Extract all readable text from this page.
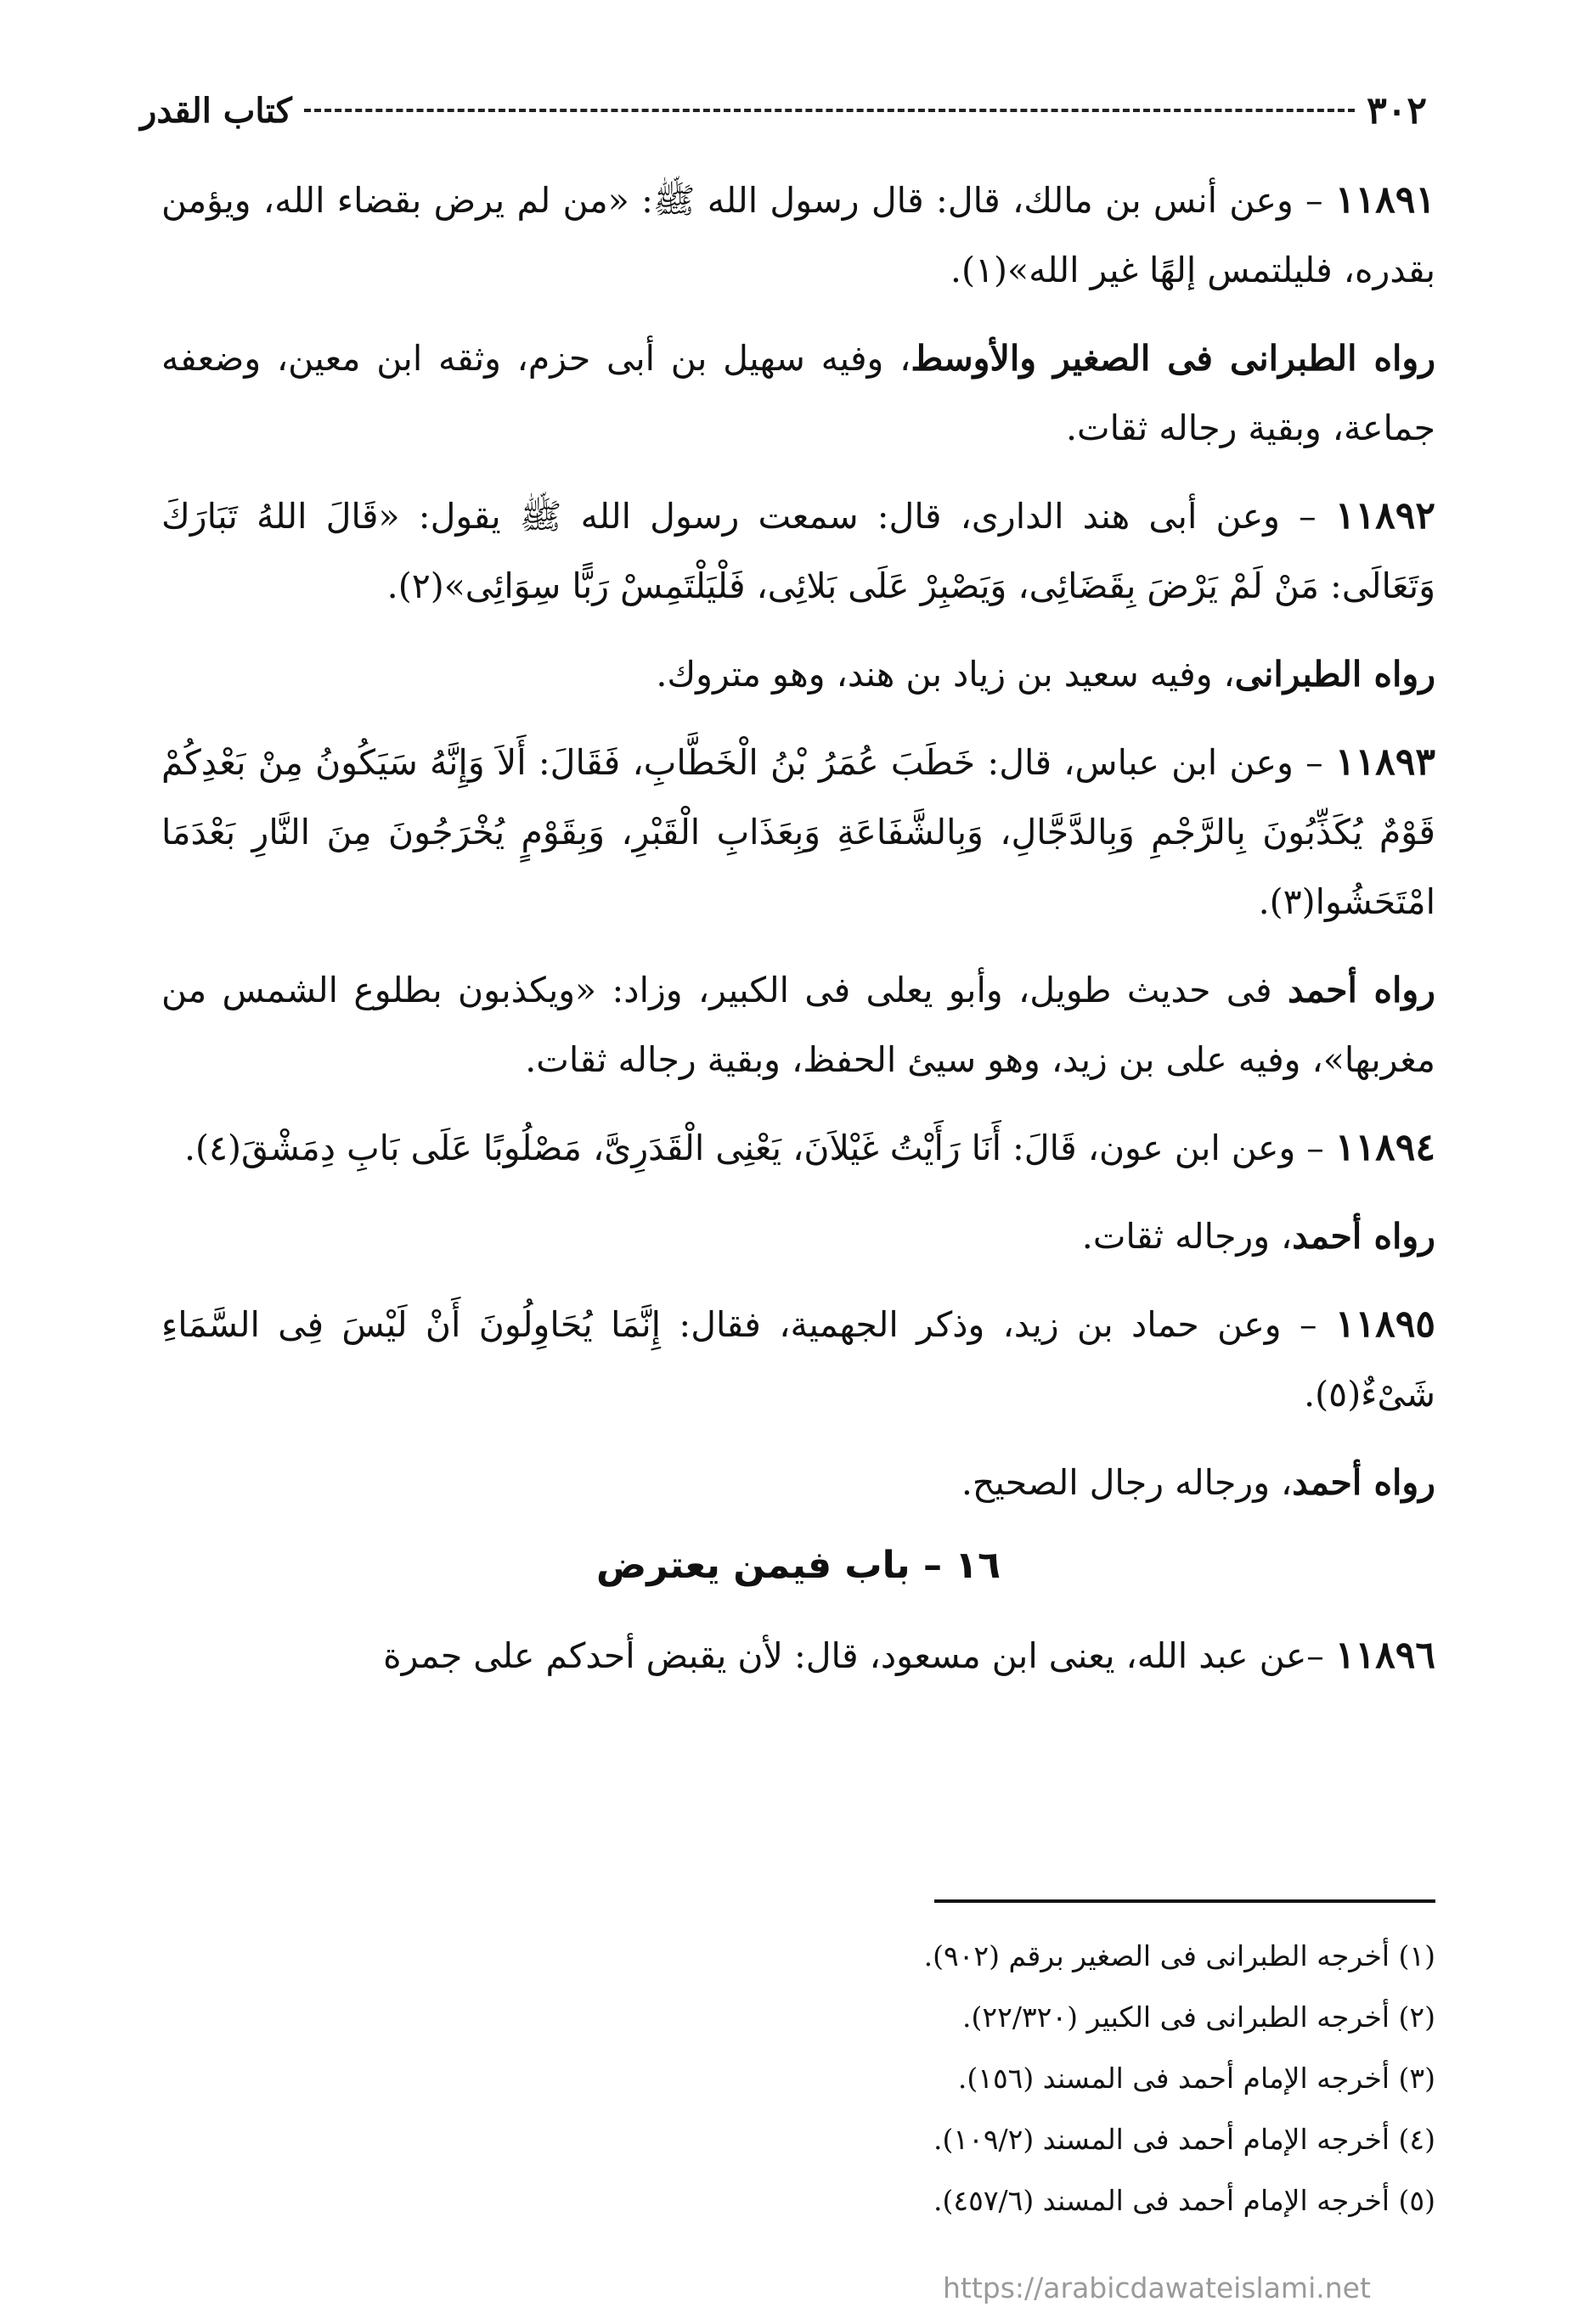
٣٠٢
كتاب القدر

١١٨٩١ – وعن أنس بن مالك، قال: قال رسول الله ﷺ: «من لم يرض بقضاء الله، ويؤمن بقدره، فليلتمس إلهًا غير الله»(١).

رواه الطبرانى فى الصغير والأوسط، وفيه سهيل بن أبى حزم، وثقه ابن معين، وضعفه جماعة، وبقية رجاله ثقات.

١١٨٩٢ – وعن أبى هند الدارى، قال: سمعت رسول الله ﷺ يقول: «قَالَ اللهُ تَبَارَكَ وَتَعَالَى: مَنْ لَمْ يَرْضَ بِقَضَائِى، وَيَصْبِرْ عَلَى بَلائِى، فَلْيَلْتَمِسْ رَبًّا سِوَائِى»(٢).

رواه الطبرانى، وفيه سعيد بن زياد بن هند، وهو متروك.

١١٨٩٣ – وعن ابن عباس، قال: خَطَبَ عُمَرُ بْنُ الْخَطَّابِ، فَقَالَ: أَلاَ وَإِنَّهُ سَيَكُونُ مِنْ بَعْدِكُمْ قَوْمٌ يُكَذِّبُونَ بِالرَّجْمِ وَبِالدَّجَّالِ، وَبِالشَّفَاعَةِ وَبِعَذَابِ الْقَبْرِ، وَبِقَوْمٍ يُخْرَجُونَ مِنَ النَّارِ بَعْدَمَا امْتَحَشُوا(٣).

رواه أحمد فى حديث طويل، وأبو يعلى فى الكبير، وزاد: «ويكذبون بطلوع الشمس من مغربها»، وفيه على بن زيد، وهو سيئ الحفظ، وبقية رجاله ثقات.

١١٨٩٤ – وعن ابن عون، قَالَ: أَنَا رَأَيْتُ غَيْلاَنَ، يَعْنِى الْقَدَرِىَّ، مَصْلُوبًا عَلَى بَابِ دِمَشْقَ(٤).

رواه أحمد، ورجاله ثقات.

١١٨٩٥ – وعن حماد بن زيد، وذكر الجهمية، فقال: إِنَّمَا يُحَاوِلُونَ أَنْ لَيْسَ فِى السَّمَاءِ شَىْءٌ(٥).

رواه أحمد، ورجاله رجال الصحيح.

١٦ – باب فيمن يعترض

١١٨٩٦ –عن عبد الله، يعنى ابن مسعود، قال: لأن يقبض أحدكم على جمرة

(١) أخرجه الطبرانى فى الصغير برقم (٩٠٢).
(٢) أخرجه الطبرانى فى الكبير (٢٢/٣٢٠).
(٣) أخرجه الإمام أحمد فى المسند (١٥٦).
(٤) أخرجه الإمام أحمد فى المسند (١٠٩/٢).
(٥) أخرجه الإمام أحمد فى المسند (٤٥٧/٦).
https://arabicdawateislami.net
